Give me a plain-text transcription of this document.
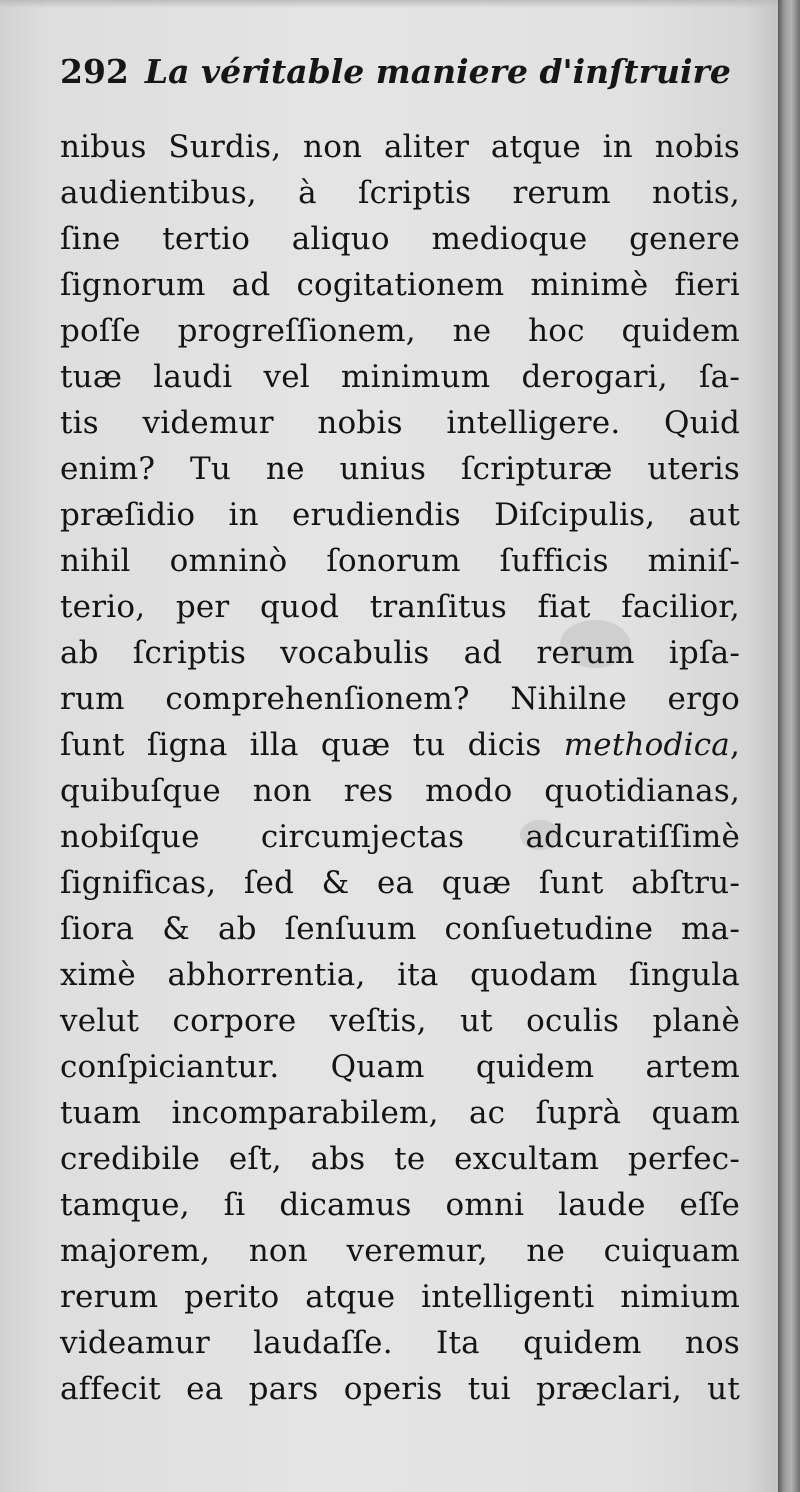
292 La véritable maniere d'inſtruire
nibus Surdis, non aliter atque in nobis
audientibus, à ſcriptis rerum notis,
ſine tertio aliquo medioque genere
ſignorum ad cogitationem minimè fieri
poſſe progreſſionem, ne hoc quidem
tuæ laudi vel minimum derogari, ſa-
tis videmur nobis intelligere. Quid
enim? Tu ne unius ſcripturæ uteris
præſidio in erudiendis Diſcipulis, aut
nihil omninò ſonorum ſufficis miniſ-
terio, per quod tranſitus fiat facilior,
ab ſcriptis vocabulis ad rerum ipſa-
rum comprehenſionem? Nihilne ergo
ſunt ſigna illa quæ tu dicis methodica,
quibuſque non res modo quotidianas,
nobiſque circumjectas adcuratiſſimè
ſignificas, ſed & ea quæ ſunt abſtru-
ſiora & ab ſenſuum conſuetudine ma-
ximè abhorrentia, ita quodam ſingula
velut corpore veſtis, ut oculis planè
conſpiciantur. Quam quidem artem
tuam incomparabilem, ac ſuprà quam
credibile eſt, abs te excultam perfec-
tamque, ſi dicamus omni laude eſſe
majorem, non veremur, ne cuiquam
rerum perito atque intelligenti nimium
videamur laudaſſe. Ita quidem nos
affecit ea pars operis tui præclari, ut
